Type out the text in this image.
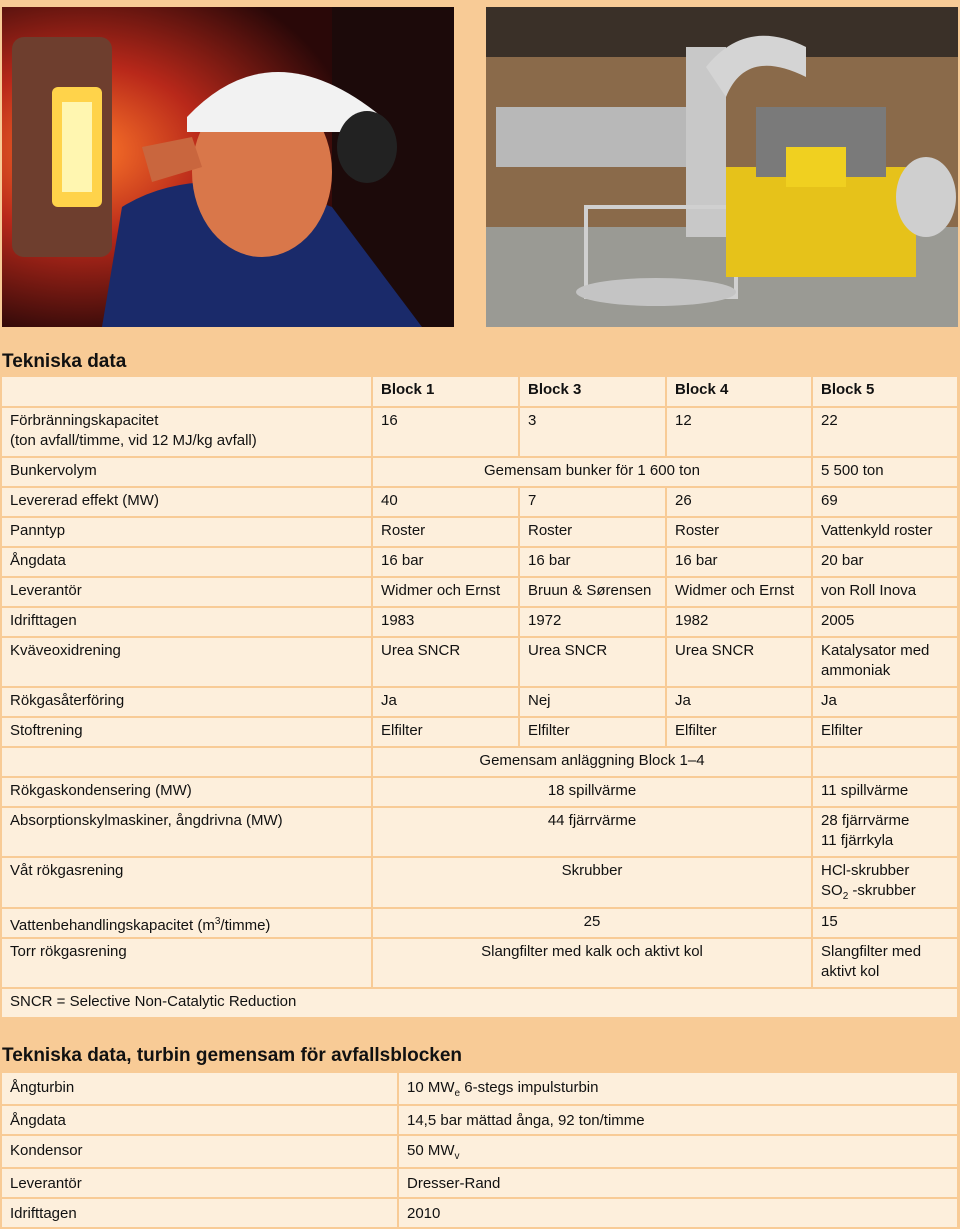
Tekniska data
	Block 1	Block 3	Block 4	Block 5

Förbränningskapacitet
(ton avfall/timme, vid 12 MJ/kg avfall)	16	3	12	22
Bunkervolym	Gemensam bunker för 1 600 ton			5 500 ton
Levererad effekt (MW)	40	7	26	69
Panntyp	Roster	Roster	Roster	Vattenkyld roster
Ångdata	16 bar	16 bar	16 bar	20 bar
Leverantör	Widmer och Ernst	Bruun & Sørensen	Widmer och Ernst	von Roll Inova
Idrifttagen	1983	1972	1982	2005
Kväveoxidrening	Urea SNCR	Urea SNCR	Urea SNCR	Katalysator med
ammoniak

Rökgasåterföring	Ja	Nej	Ja	Ja
Stoftrening	Elfilter	Elfilter	Elfilter	Elfilter
	Gemensam anläggning Block 1–4			
Rökgaskondensering (MW)	18 spillvärme			11 spillvärme
Absorptionskylmaskiner, ångdrivna (MW)	44 fjärrvärme			28 fjärrvärme
11 fjärrkyla

Våt rökgasrening	Skrubber			HCl-skrubber
$SO_2$ -skrubber

Vattenbehandlingskapacitet $(m^3/timme)$	25			15
Torr rökgasrening	Slangfilter med kalk och aktivt kol			Slangfilter med
aktivt kol

SNCR = Selective Non-Catalytic Reduction				
Tekniska data, turbin gemensam för avfallsblocken
Ångturbin	10 $MW_e$ 6-stegs impulsturbin
Ångdata	14,5 bar mättad ånga, 92 ton/timme
Kondensor	50 $MW_v$
Leverantör	Dresser-Rand
Idrifttagen	2010
